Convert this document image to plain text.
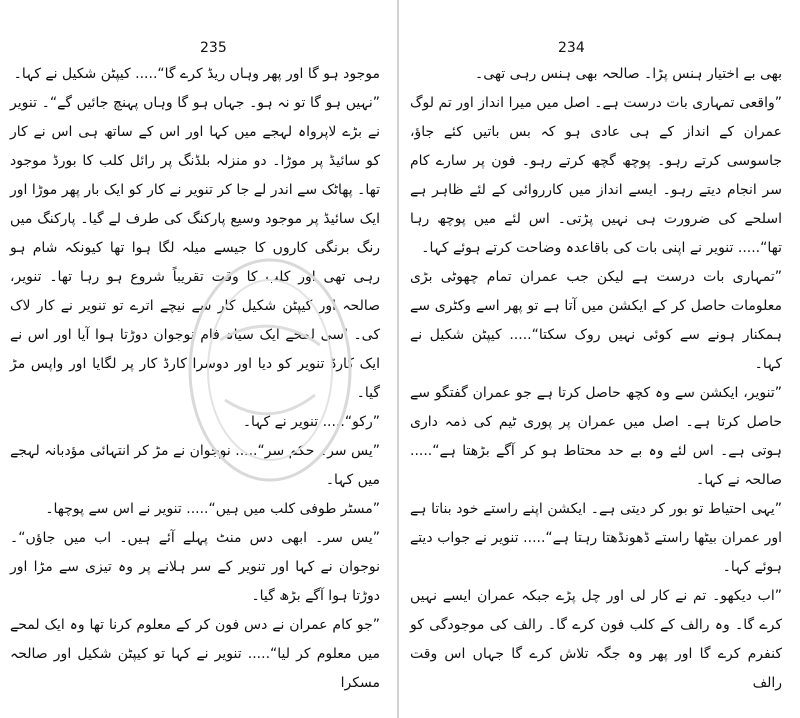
235

موجود ہو گا اور پھر وہاں ریڈ کرے گا“..... کیپٹن شکیل نے کہا۔

”نہیں ہو گا تو نہ ہو۔ جہاں ہو گا وہاں پہنچ جائیں گے“۔ تنویر نے بڑے لاپرواہ لہجے میں کہا اور اس کے ساتھ ہی اس نے کار کو سائیڈ پر موڑا۔ دو منزلہ بلڈنگ پر رائل کلب کا بورڈ موجود تھا۔ پھاٹک سے اندر لے جا کر تنویر نے کار کو ایک بار پھر موڑا اور ایک سائیڈ پر موجود وسیع پارکنگ کی طرف لے گیا۔ پارکنگ میں رنگ برنگی کاروں کا جیسے میلہ لگا ہوا تھا کیونکہ شام ہو رہی تھی اور کلب کا وقت تقریباً شروع ہو رہا تھا۔ تنویر، صالحہ اور کیپٹن شکیل کار سے نیچے اترے تو تنویر نے کار لاک کی۔ اسی لمحے ایک سیاہ فام نوجوان دوڑتا ہوا آیا اور اس نے ایک کارڈ تنویر کو دیا اور دوسرا کارڈ کار پر لگایا اور واپس مڑ گیا۔

”رکو“..... تنویر نے کہا۔

”یس سر۔ حکم سر“..... نوجوان نے مڑ کر انتہائی مؤدبانہ لہجے میں کہا۔

”مسٹر طوفی کلب میں ہیں“..... تنویر نے اس سے پوچھا۔

”یس سر۔ ابھی دس منٹ پہلے آئے ہیں۔ اب میں جاؤں“۔ نوجوان نے کہا اور تنویر کے سر ہلانے پر وہ تیزی سے مڑا اور دوڑتا ہوا آگے بڑھ گیا۔

”جو کام عمران نے دس فون کر کے معلوم کرنا تھا وہ ایک لمحے میں معلوم کر لیا“..... تنویر نے کہا تو کیپٹن شکیل اور صالحہ مسکرا

234

بھی بے اختیار ہنس پڑا۔ صالحہ بھی ہنس رہی تھی۔

”واقعی تمہاری بات درست ہے۔ اصل میں میرا انداز اور تم لوگ عمران کے انداز کے ہی عادی ہو کہ بس باتیں کئے جاؤ، جاسوسی کرتے رہو۔ پوچھ گچھ کرتے رہو۔ فون پر سارے کام سر انجام دیتے رہو۔ ایسے انداز میں کارروائی کے لئے ظاہر ہے اسلحے کی ضرورت ہی نہیں پڑتی۔ اس لئے میں پوچھ رہا تھا“..... تنویر نے اپنی بات کی باقاعدہ وضاحت کرتے ہوئے کہا۔

”تمہاری بات درست ہے لیکن جب عمران تمام چھوٹی بڑی معلومات حاصل کر کے ایکشن میں آتا ہے تو پھر اسے وکٹری سے ہمکنار ہونے سے کوئی نہیں روک سکتا“..... کیپٹن شکیل نے کہا۔

”تنویر، ایکشن سے وہ کچھ حاصل کرتا ہے جو عمران گفتگو سے حاصل کرتا ہے۔ اصل میں عمران پر پوری ٹیم کی ذمہ داری ہوتی ہے۔ اس لئے وہ بے حد محتاط ہو کر آگے بڑھتا ہے“..... صالحہ نے کہا۔

”یہی احتیاط تو بور کر دیتی ہے۔ ایکشن اپنے راستے خود بناتا ہے اور عمران بیٹھا راستے ڈھونڈھتا رہتا ہے“..... تنویر نے جواب دیتے ہوئے کہا۔

”اب دیکھو۔ تم نے کار لی اور چل پڑے جبکہ عمران ایسے نہیں کرے گا۔ وہ رالف کے کلب فون کرے گا۔ رالف کی موجودگی کو کنفرم کرے گا اور پھر وہ جگہ تلاش کرے گا جہاں اس وقت رالف
